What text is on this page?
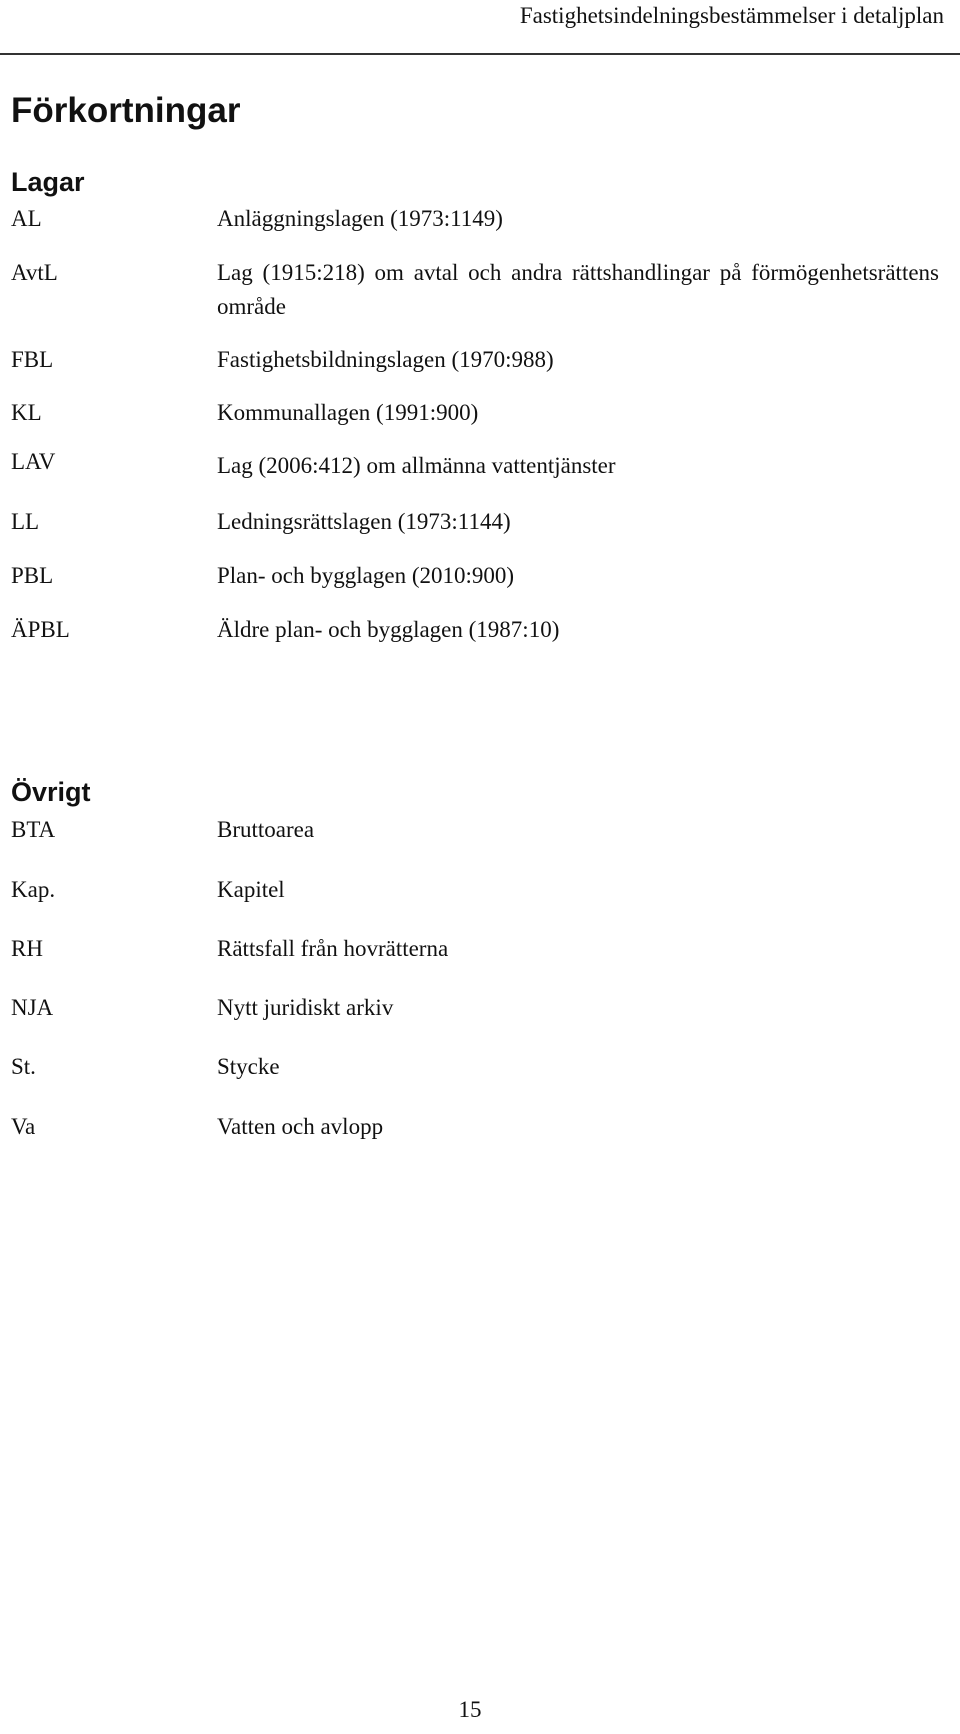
Fastighetsindelningsbestämmelser i detaljplan
Förkortningar
Lagar
AL	Anläggningslagen (1973:1149)
AvtL	Lag (1915:218) om avtal och andra rättshandlingar på förmögenhetsrättens område
FBL	Fastighetsbildningslagen (1970:988)
KL	Kommunallagen (1991:900)
LAV	Lag (2006:412) om allmänna vattentjänster
LL	Ledningsrättslagen (1973:1144)
PBL	Plan- och bygglagen (2010:900)
ÄPBL	Äldre plan- och bygglagen (1987:10)
Övrigt
BTA	Bruttoarea
Kap.	Kapitel
RH	Rättsfall från hovrätterna
NJA	Nytt juridiskt arkiv
St.	Stycke
Va	Vatten och avlopp
15
